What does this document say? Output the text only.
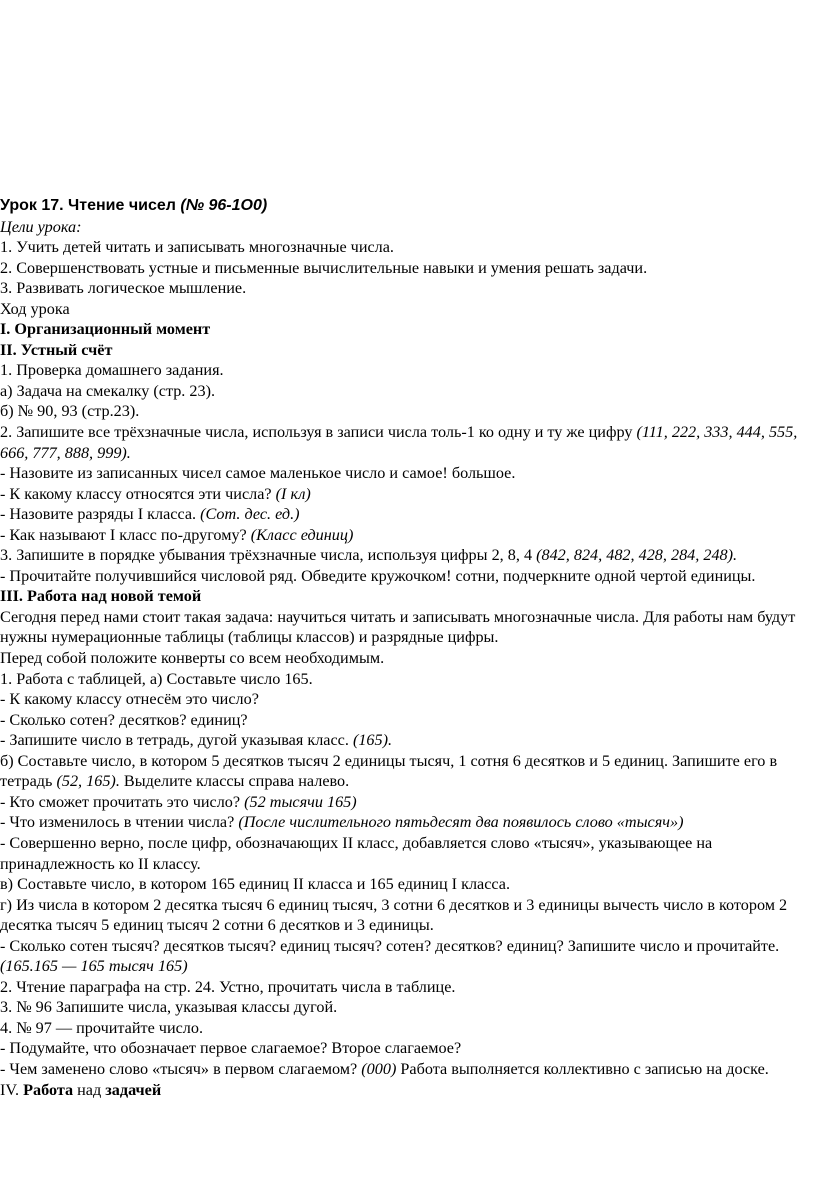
Урок 17. Чтение чисел (№ 96-1О0)

Цели урока:

1. Учить детей читать и записывать многозначные числа.

2. Совершенствовать устные и письменные вычислительные навыки и умения решать задачи.

3. Развивать логическое мышление.

Ход урока

I. Организационный момент

II. Устный счёт

1. Проверка домашнего задания.

а) Задача на смекалку (стр. 23).

б) № 90, 93 (стр.23).

2. Запишите все трёхзначные числа, используя в записи числа толь-1 ко одну и ту же цифру (111, 222, 333, 444, 555, 666, 777, 888, 999).

- Назовите из записанных чисел самое маленькое число и самое! большое.

- К какому классу относятся эти числа? (I кл)

- Назовите разряды I класса. (Сот. дес. ед.)

- Как называют I класс по-другому? (Класс единиц)

3. Запишите в порядке убывания трёхзначные числа, используя цифры 2, 8, 4 (842, 824, 482, 428, 284, 248).

- Прочитайте получившийся числовой ряд. Обведите кружочком! сотни, подчеркните одной чертой единицы.

III. Работа над новой темой

Сегодня перед нами стоит такая задача: научиться читать и записывать многозначные числа. Для работы нам будут нужны нумерационные таблицы (таблицы классов) и разрядные цифры.

Перед собой положите конверты со всем необходимым.

1. Работа с таблицей, а) Составьте число 165.

- К какому классу отнесём это число?

- Сколько сотен? десятков? единиц?

- Запишите число в тетрадь, дугой указывая класс. (165).

б) Составьте число, в котором 5 десятков тысяч 2 единицы тысяч, 1 сотня 6 десятков и 5 единиц. Запишите его в тетрадь (52, 165). Выделите классы справа налево.

- Кто сможет прочитать это число? (52 тысячи 165)

- Что изменилось в чтении числа? (После числительного пятьдесят два появилось слово «тысяч»)

- Совершенно верно, после цифр, обозначающих II класс, добавляется слово «тысяч», указывающее на принадлежность ко II классу.

в) Составьте число, в котором 165 единиц II класса и 165 единиц I класса.

г) Из числа в котором 2 десятка тысяч 6 единиц тысяч, 3 сотни 6 десятков и 3 единицы вычесть число в котором 2 десятка тысяч 5 единиц тысяч 2 сотни 6 десятков и 3 единицы.

- Сколько сотен тысяч? десятков тысяч? единиц тысяч? сотен? десятков? единиц? Запишите число и прочитайте. (165.165 — 165 тысяч 165)

2. Чтение параграфа на стр. 24. Устно, прочитать числа в таблице.

3. № 96 Запишите числа, указывая классы дугой.

4. № 97 — прочитайте число.

- Подумайте, что обозначает первое слагаемое? Второе слагаемое?

- Чем заменено слово «тысяч» в первом слагаемом? (000) Работа выполняется коллективно с записью на доске.

IV. Работа над задачей
